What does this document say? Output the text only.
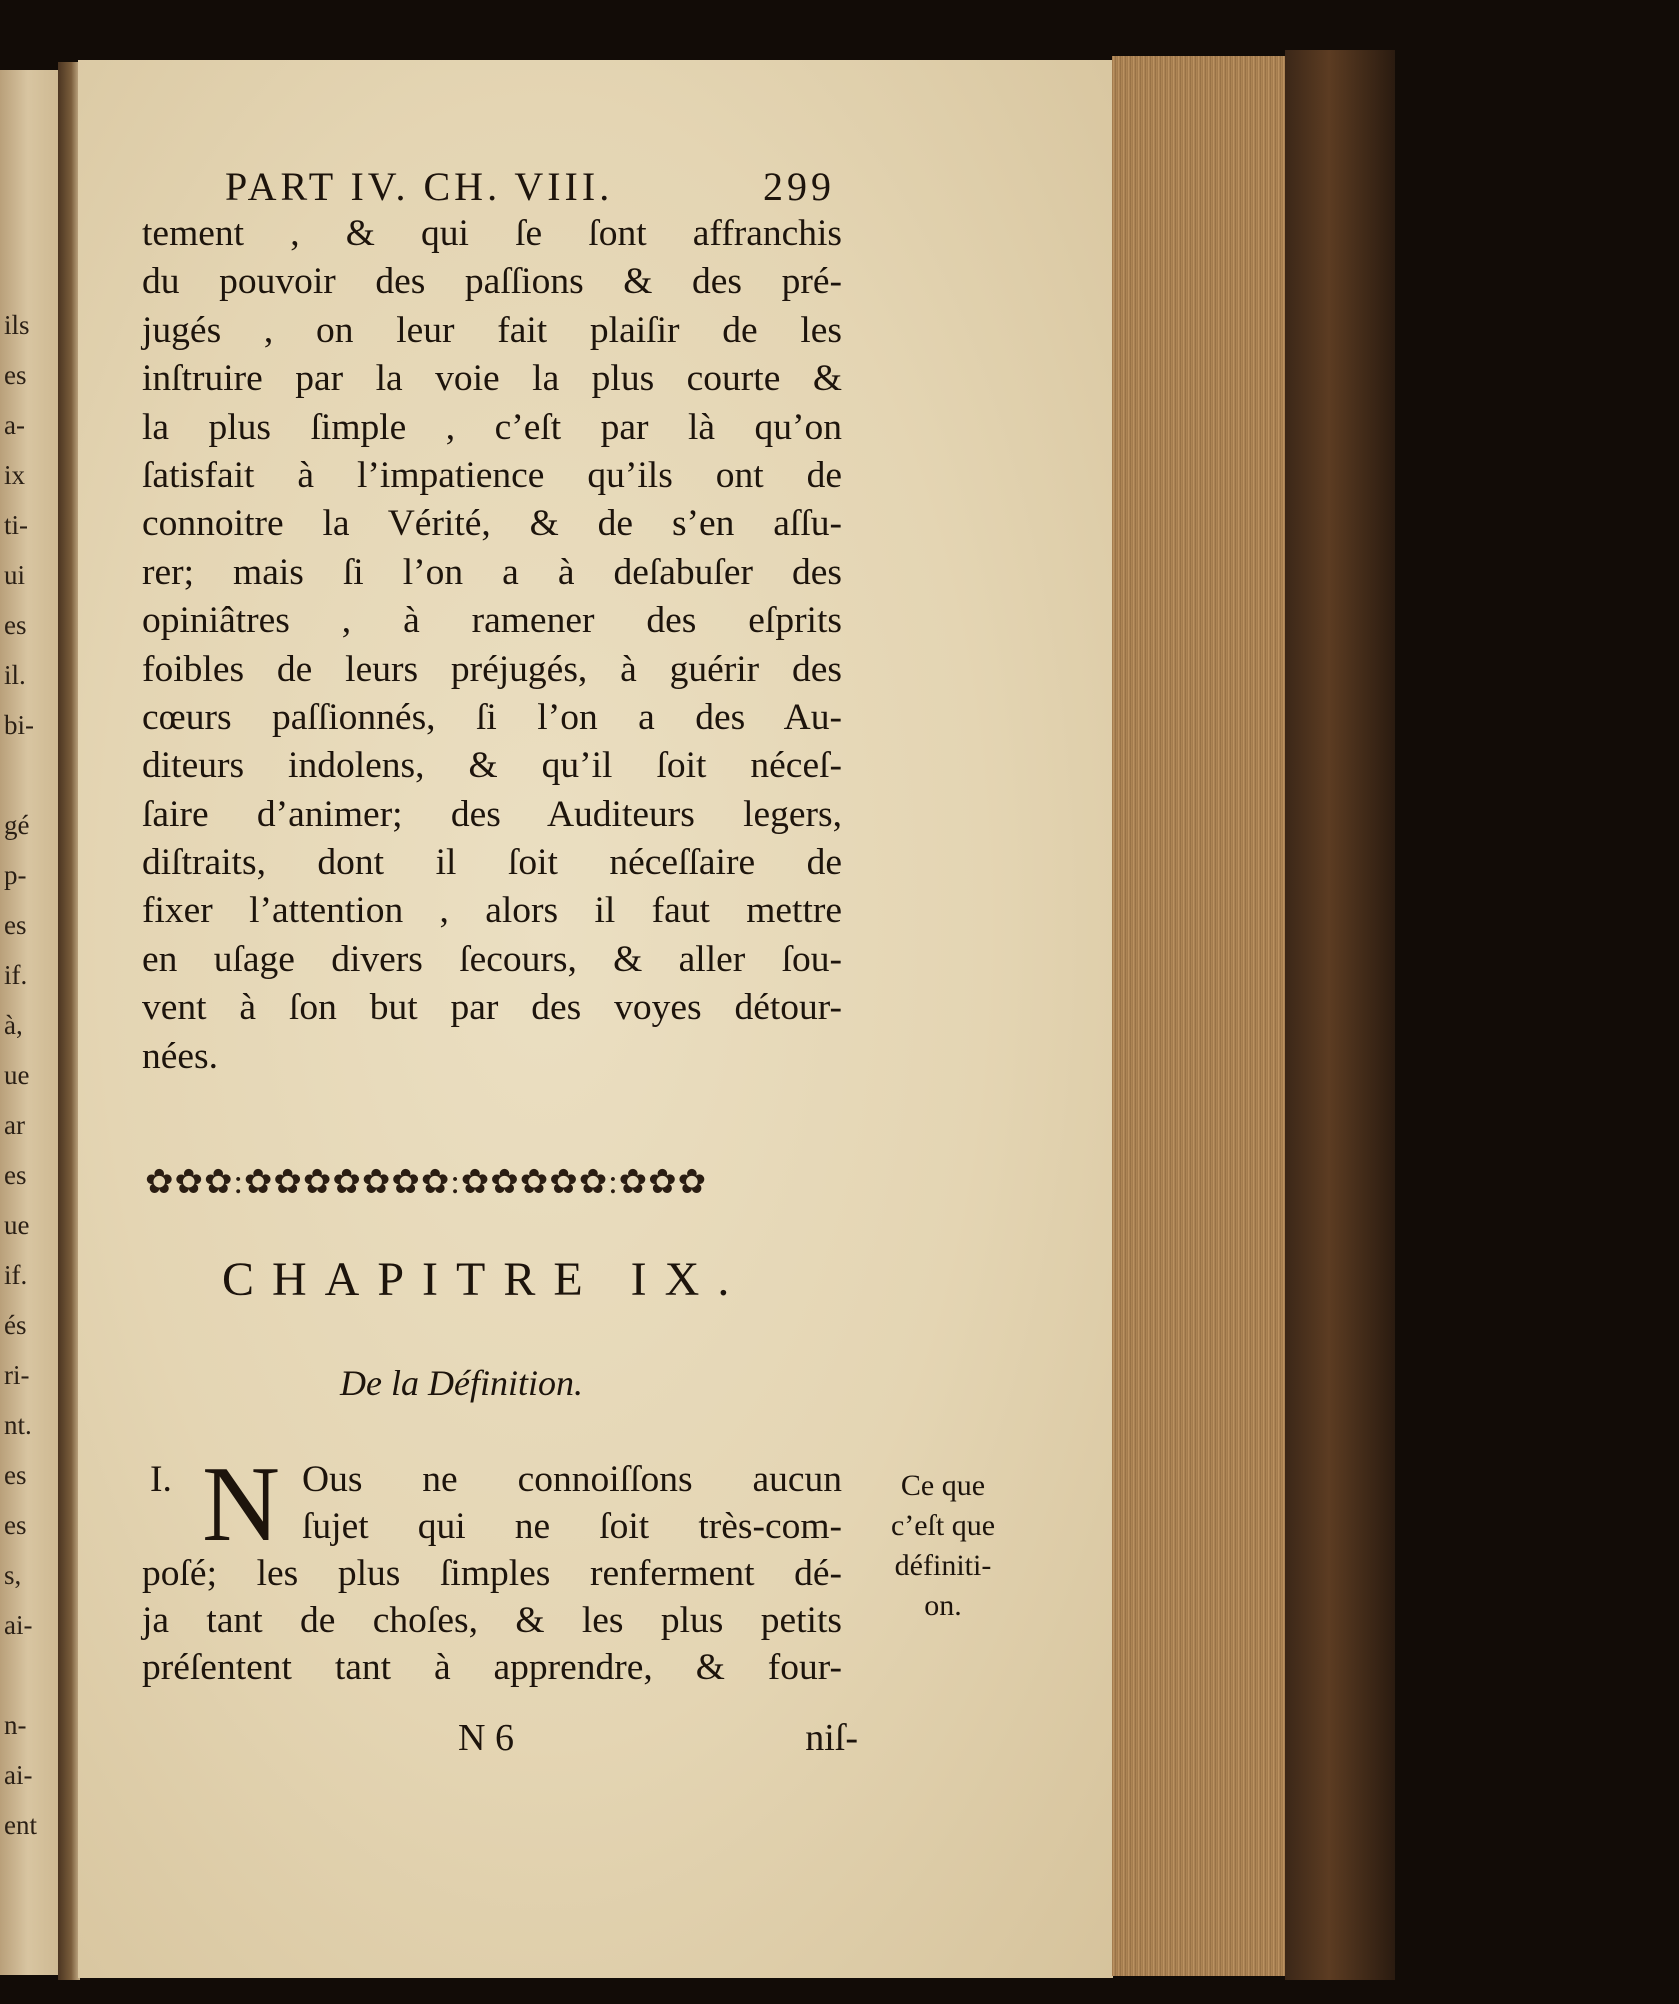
ils
es
a-
ix
ti-
ui
es
il.
bi-
gé
p-
es
if.
à,
ue
ar
es
ue
if.
és
ri-
nt.
es
es
s,
ai-
n-
ai-
ent
PART IV. CH. VIII.	299
tement , & qui ſe ſont affranchis
du pouvoir des paſſions & des pré-
jugés , on leur fait plaiſir de les
inſtruire par la voie la plus courte &
la plus ſimple , c’eſt par là qu’on
ſatisfait à l’impatience qu’ils ont de
connoitre la Vérité, & de s’en aſſu-
rer; mais ſi l’on a à deſabuſer des
opiniâtres , à ramener des eſprits
foibles de leurs préjugés, à guérir des
cœurs paſſionnés, ſi l’on a des Au-
diteurs indolens, & qu’il ſoit néceſ-
ſaire d’animer; des Auditeurs legers,
diſtraits, dont il ſoit néceſſaire de
fixer l’attention , alors il faut mettre
en uſage divers ſecours, & aller ſou-
vent à ſon but par des voyes détour-
nées.
✿✿✿:✿✿✿✿✿✿✿:✿✿✿✿✿:✿✿✿
CHAPITRE IX.
De la Définition.
I. N Ous ne connoiſſons aucun
ſujet qui ne ſoit très-com-
poſé; les plus ſimples renferment dé-
ja tant de choſes, & les plus petits
préſentent tant à apprendre, & four-
Ce que
c’eſt que
définiti-
on.
N 6	niſ-
